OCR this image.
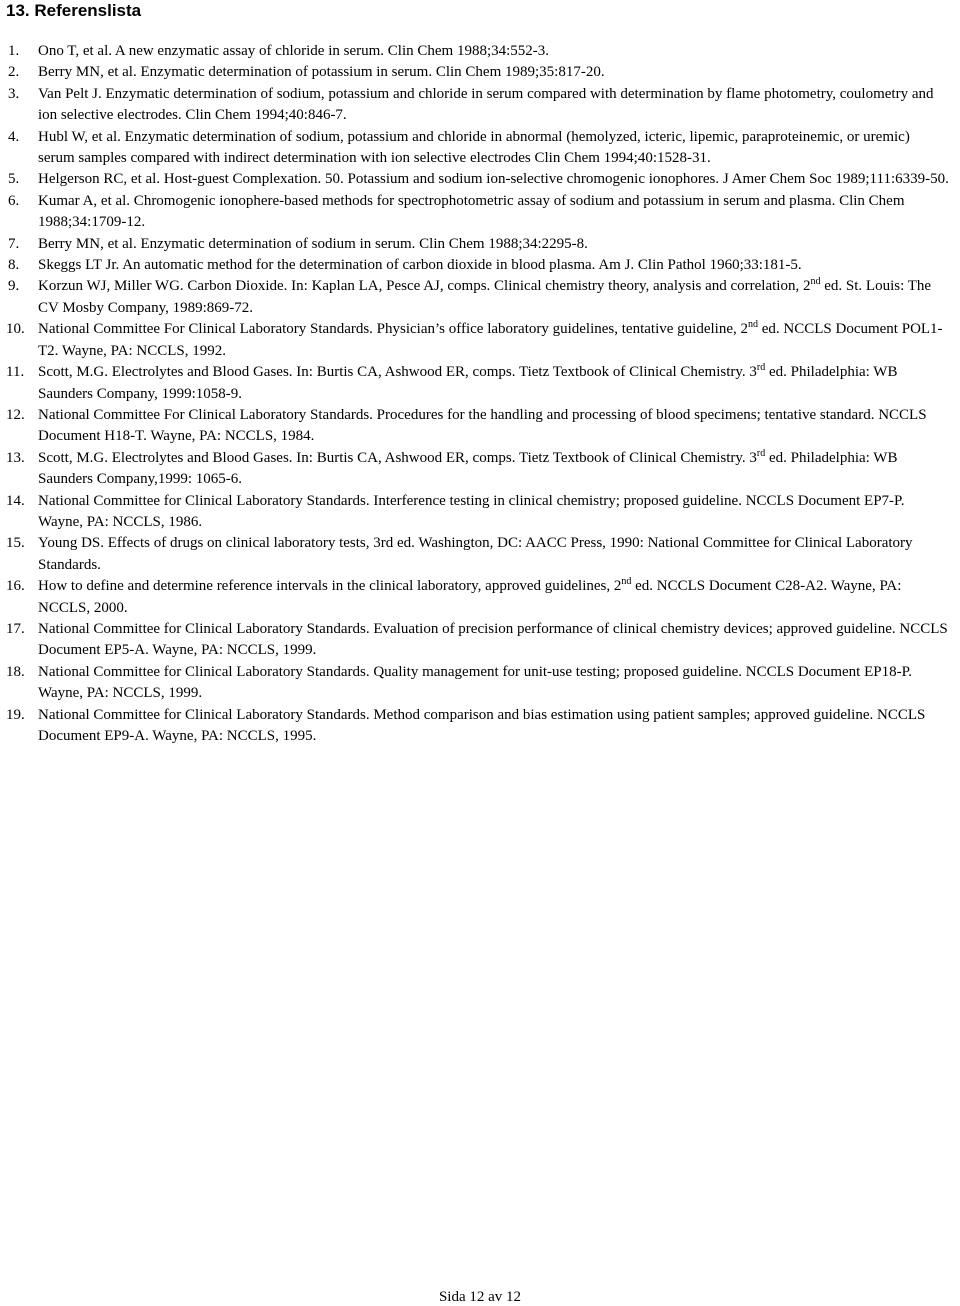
13. Referenslista
1. Ono T, et al. A new enzymatic assay of chloride in serum. Clin Chem 1988;34:552-3.
2. Berry MN, et al. Enzymatic determination of potassium in serum. Clin Chem 1989;35:817-20.
3. Van Pelt J. Enzymatic determination of sodium, potassium and chloride in serum compared with determination by flame photometry, coulometry and ion selective electrodes. Clin Chem 1994;40:846-7.
4. Hubl W, et al. Enzymatic determination of sodium, potassium and chloride in abnormal (hemolyzed, icteric, lipemic, paraproteinemic, or uremic) serum samples compared with indirect determination with ion selective electrodes Clin Chem 1994;40:1528-31.
5. Helgerson RC, et al. Host-guest Complexation. 50. Potassium and sodium ion-selective chromogenic ionophores. J Amer Chem Soc 1989;111:6339-50.
6. Kumar A, et al. Chromogenic ionophere-based methods for spectrophotometric assay of sodium and potassium in serum and plasma. Clin Chem 1988;34:1709-12.
7. Berry MN, et al. Enzymatic determination of sodium in serum. Clin Chem 1988;34:2295-8.
8. Skeggs LT Jr. An automatic method for the determination of carbon dioxide in blood plasma. Am J. Clin Pathol 1960;33:181-5.
9. Korzun WJ, Miller WG. Carbon Dioxide. In: Kaplan LA, Pesce AJ, comps. Clinical chemistry theory, analysis and correlation, 2nd ed. St. Louis: The CV Mosby Company, 1989:869-72.
10. National Committee For Clinical Laboratory Standards. Physician’s office laboratory guidelines, tentative guideline, 2nd ed. NCCLS Document POL1-T2. Wayne, PA: NCCLS, 1992.
11. Scott, M.G. Electrolytes and Blood Gases. In: Burtis CA, Ashwood ER, comps. Tietz Textbook of Clinical Chemistry. 3rd ed. Philadelphia: WB Saunders Company, 1999:1058-9.
12. National Committee For Clinical Laboratory Standards. Procedures for the handling and processing of blood specimens; tentative standard. NCCLS Document H18-T. Wayne, PA: NCCLS, 1984.
13. Scott, M.G. Electrolytes and Blood Gases. In: Burtis CA, Ashwood ER, comps. Tietz Textbook of Clinical Chemistry. 3rd ed. Philadelphia: WB Saunders Company,1999: 1065-6.
14. National Committee for Clinical Laboratory Standards. Interference testing in clinical chemistry; proposed guideline. NCCLS Document EP7-P. Wayne, PA: NCCLS, 1986.
15. Young DS. Effects of drugs on clinical laboratory tests, 3rd ed. Washington, DC: AACC Press, 1990: National Committee for Clinical Laboratory Standards.
16. How to define and determine reference intervals in the clinical laboratory, approved guidelines, 2nd ed. NCCLS Document C28-A2. Wayne, PA: NCCLS, 2000.
17. National Committee for Clinical Laboratory Standards. Evaluation of precision performance of clinical chemistry devices; approved guideline. NCCLS Document EP5-A. Wayne, PA: NCCLS, 1999.
18. National Committee for Clinical Laboratory Standards. Quality management for unit-use testing; proposed guideline. NCCLS Document EP18-P. Wayne, PA: NCCLS, 1999.
19. National Committee for Clinical Laboratory Standards. Method comparison and bias estimation using patient samples; approved guideline. NCCLS Document EP9-A. Wayne, PA: NCCLS, 1995.
Sida 12 av 12
